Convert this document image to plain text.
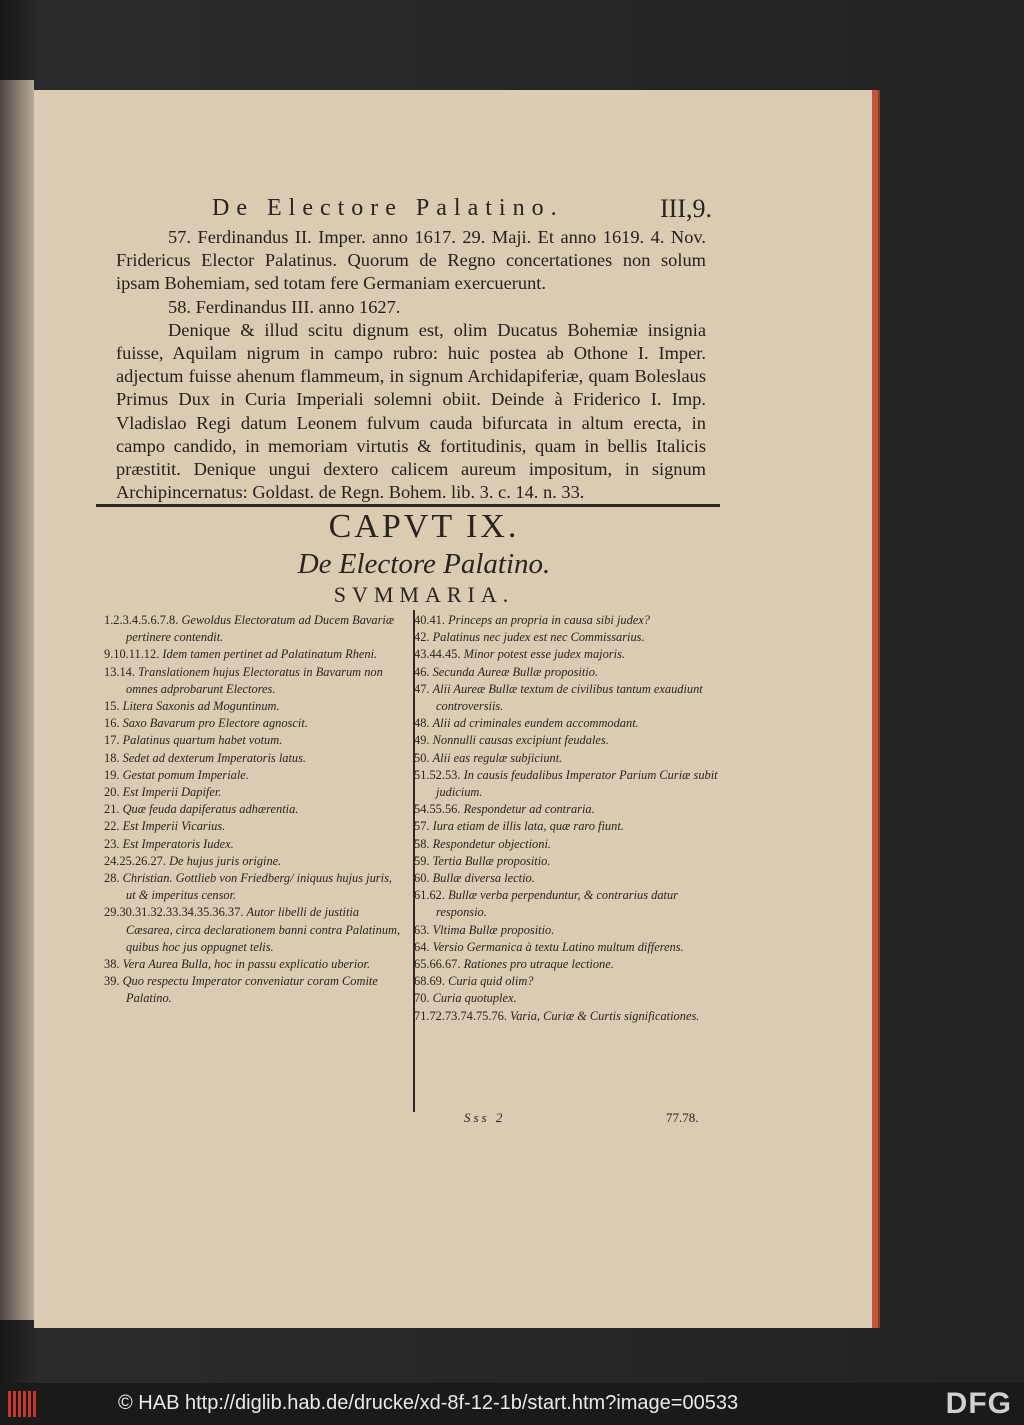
De Electore Palatino.	III,9.

57. Ferdinandus II. Imper. anno 1617. 29. Maji. Et anno 1619. 4. Nov. Fridericus Elector Palatinus. Quorum de Regno concertationes non solum ipsam Bohemiam, sed totam fere Germaniam exercuerunt.

58. Ferdinandus III. anno 1627.

Denique & illud scitu dignum est, olim Ducatus Bohemiæ insignia fuisse, Aquilam nigrum in campo rubro: huic postea ab Othone I. Imper. adjectum fuisse ahenum flammeum, in signum Archidapiferiæ, quam Boleslaus Primus Dux in Curia Imperiali solemni obiit. Deinde à Friderico I. Imp. Vladislao Regi datum Leonem fulvum cauda bifurcata in altum erecta, in campo candido, in memoriam virtutis & fortitudinis, quam in bellis Italicis præstitit. Denique ungui dextero calicem aureum impositum, in signum Archipincernatus: Goldast. de Regn. Bohem. lib. 3. c. 14. n. 33.

CAPVT IX.
De Electore Palatino.
SVMMARIA.

1.2.3.4.5.6.7.8. Gewoldus Electoratum ad Ducem Bavariæ pertinere contendit.

9.10.11.12. Idem tamen pertinet ad Palatinatum Rheni.

13.14. Translationem hujus Electoratus in Bavarum non omnes adprobarunt Electores.

15. Litera Saxonis ad Moguntinum.

16. Saxo Bavarum pro Electore agnoscit.

17. Palatinus quartum habet votum.

18. Sedet ad dexterum Imperatoris latus.

19. Gestat pomum Imperiale.

20. Est Imperii Dapifer.

21. Quæ feuda dapiferatus adhærentia.

22. Est Imperii Vicarius.

23. Est Imperatoris Iudex.

24.25.26.27. De hujus juris origine.

28. Christian. Gottlieb von Friedberg/ iniquus hujus juris, ut & imperitus censor.

29.30.31.32.33.34.35.36.37. Autor libelli de justitia Cæsarea, circa declarationem banni contra Palatinum, quibus hoc jus oppugnet telis.

38. Vera Aurea Bulla, hoc in passu explicatio uberior.

39. Quo respectu Imperator conveniatur coram Comite Palatino.

40.41. Princeps an propria in causa sibi judex?

42. Palatinus nec judex est nec Commissarius.

43.44.45. Minor potest esse judex majoris.

46. Secunda Aureæ Bullæ propositio.

47. Alii Aureæ Bullæ textum de civilibus tantum exaudiunt controversiis.

48. Alii ad criminales eundem accommodant.

49. Nonnulli causas excipiunt feudales.

50. Alii eas regulæ subjiciunt.

51.52.53. In causis feudalibus Imperator Parium Curiæ subit judicium.

54.55.56. Respondetur ad contraria.

57. Iura etiam de illis lata, quæ raro fiunt.

58. Respondetur objectioni.

59. Tertia Bullæ propositio.

60. Bullæ diversa lectio.

61.62. Bullæ verba perpenduntur, & contrarius datur responsio.

63. Vltima Bullæ propositio.

64. Versio Germanica à textu Latino multum differens.

65.66.67. Rationes pro utraque lectione.

68.69. Curia quid olim?

70. Curia quotuplex.

71.72.73.74.75.76. Varia, Curiæ & Curtis significationes.

Sss 2	77.78.
© HAB http://diglib.hab.de/drucke/xd-8f-12-1b/start.htm?image=00533	DFG
